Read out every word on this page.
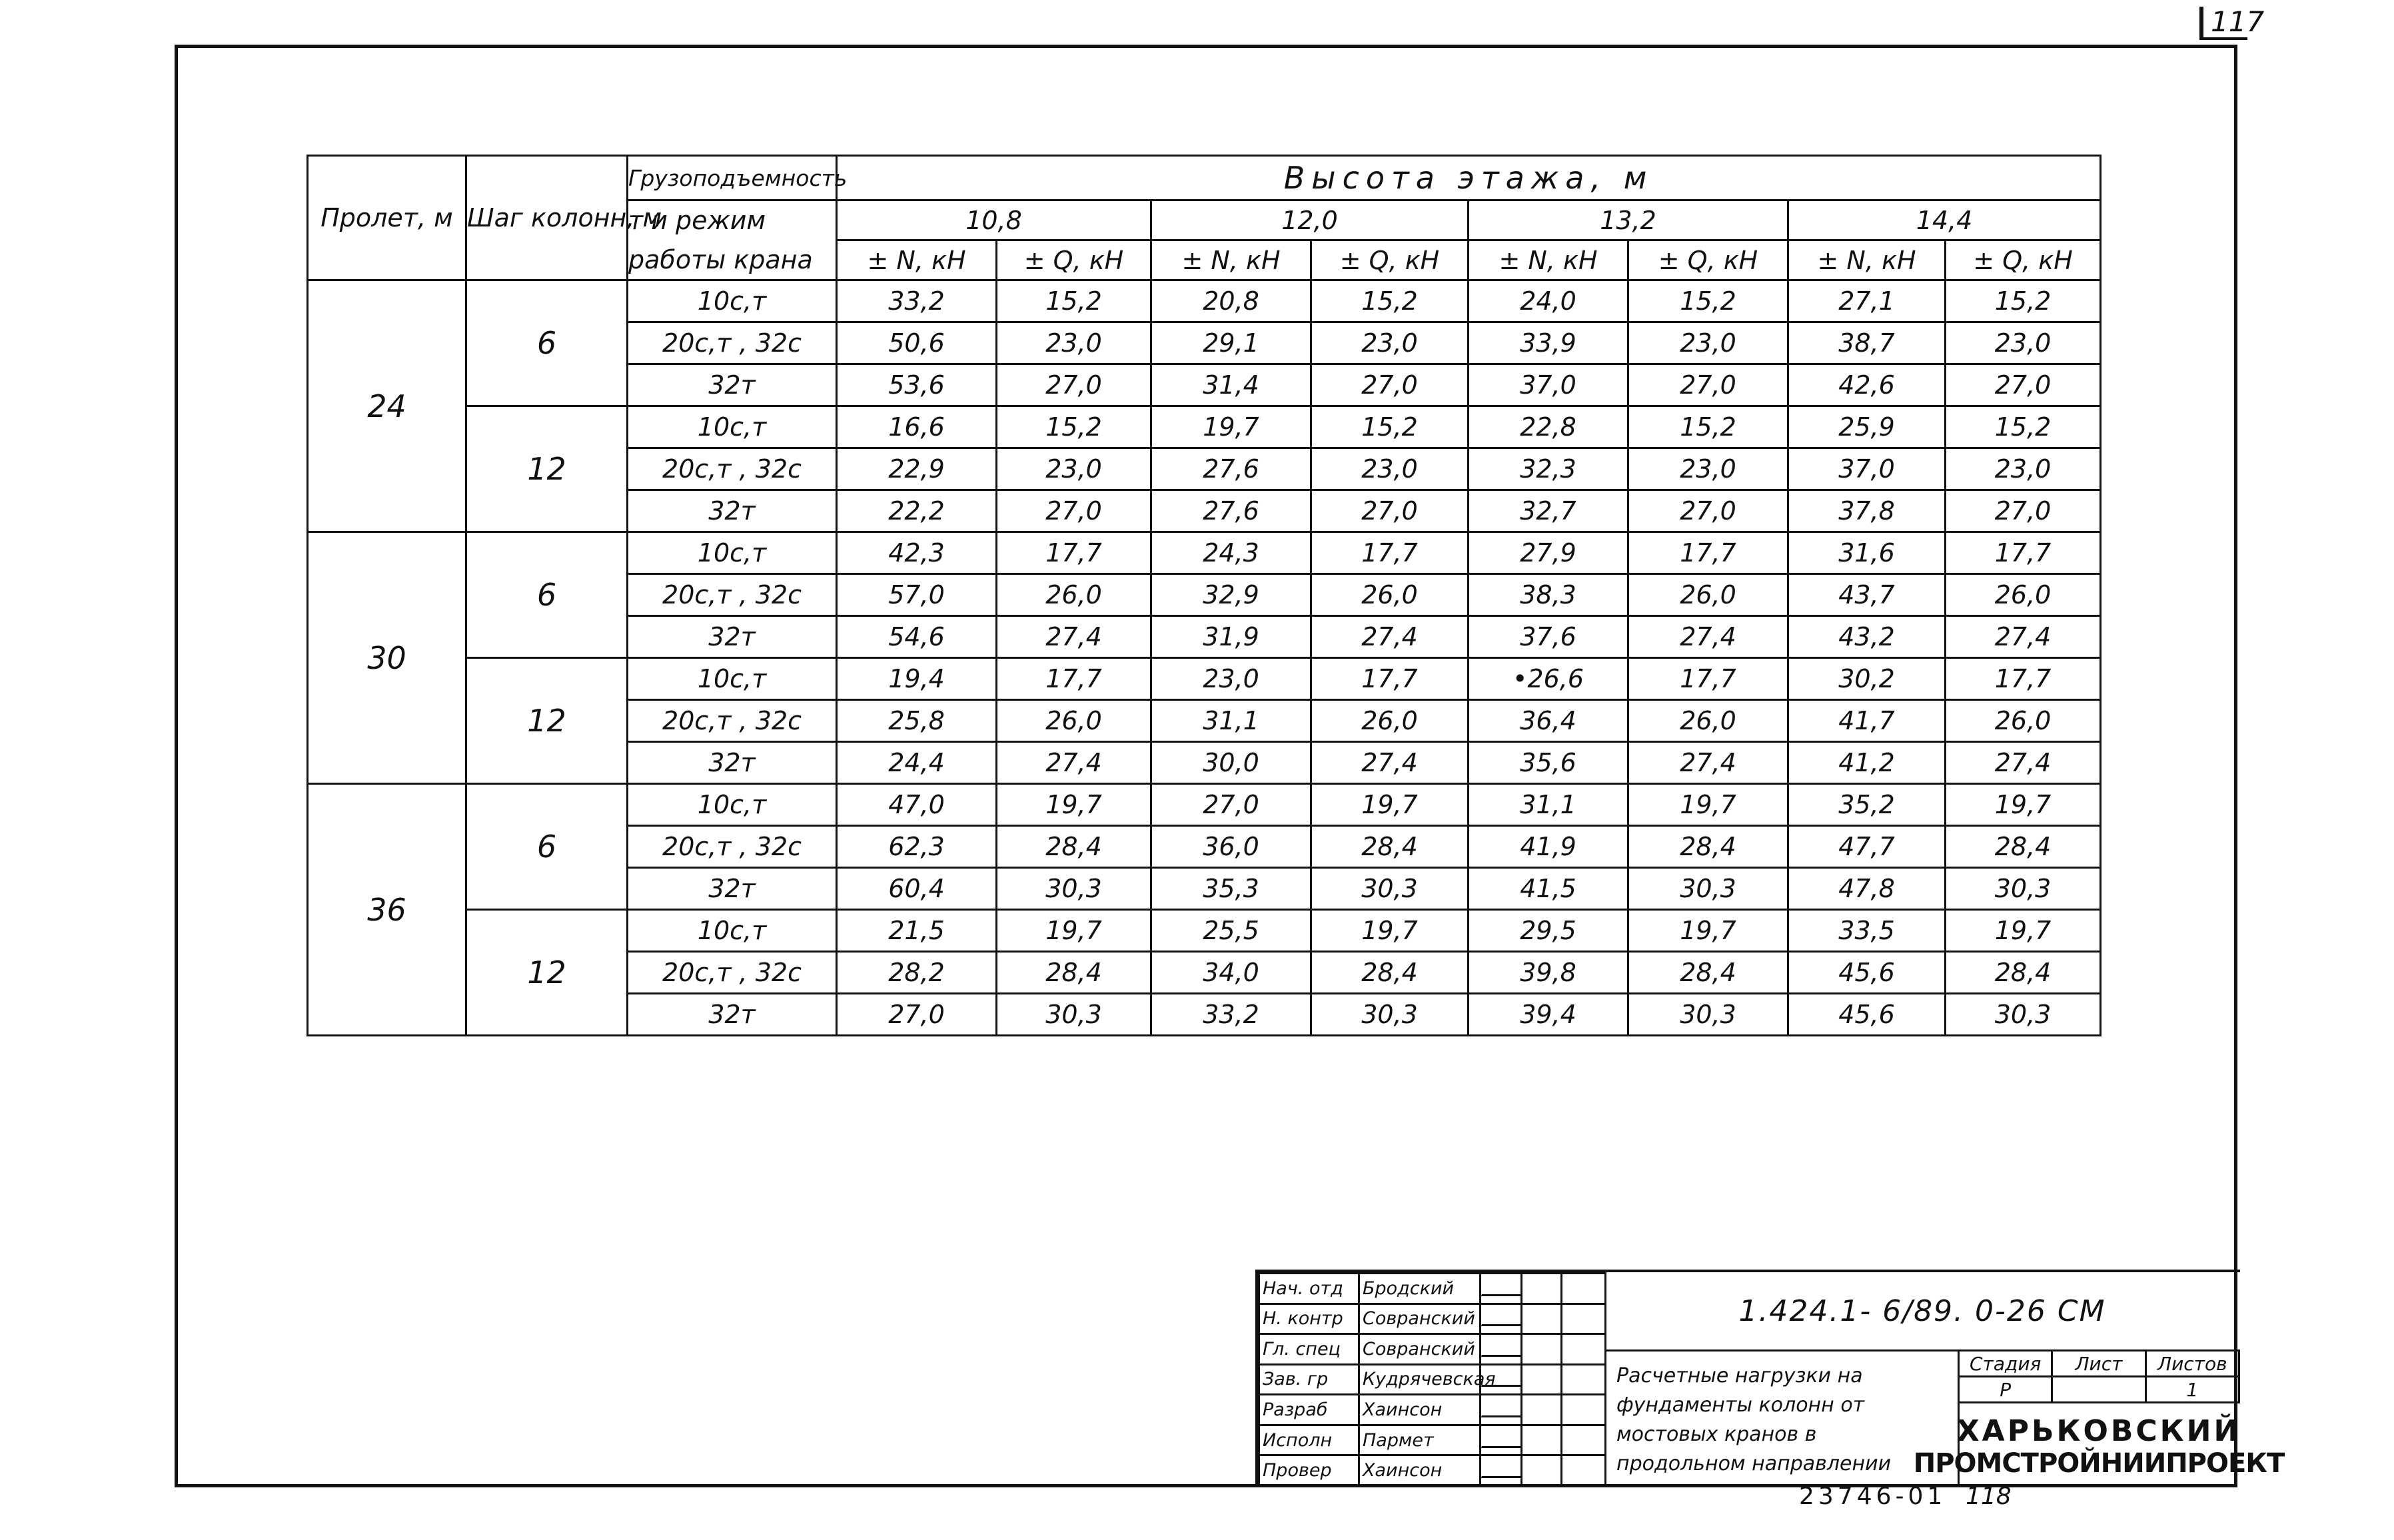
117
Пролет, м	Шаг колонн, м	Грузоподъемность	Высота этажа, м							
		т и режим	10,8		12,0		13,2		14,4	
		работы крана	± N, кН	± Q, кН	± N, кН	± Q, кН	± N, кН	± Q, кН	± N, кН	± Q, кН
24	6	10с,т	33,2	15,2	20,8	15,2	24,0	15,2	27,1	15,2
		20с,т , 32с	50,6	23,0	29,1	23,0	33,9	23,0	38,7	23,0
		32т	53,6	27,0	31,4	27,0	37,0	27,0	42,6	27,0
	12	10с,т	16,6	15,2	19,7	15,2	22,8	15,2	25,9	15,2
		20с,т , 32с	22,9	23,0	27,6	23,0	32,3	23,0	37,0	23,0
		32т	22,2	27,0	27,6	27,0	32,7	27,0	37,8	27,0
30	6	10с,т	42,3	17,7	24,3	17,7	27,9	17,7	31,6	17,7
		20с,т , 32с	57,0	26,0	32,9	26,0	38,3	26,0	43,7	26,0
		32т	54,6	27,4	31,9	27,4	37,6	27,4	43,2	27,4
	12	10с,т	19,4	17,7	23,0	17,7	•26,6	17,7	30,2	17,7
		20с,т , 32с	25,8	26,0	31,1	26,0	36,4	26,0	41,7	26,0
		32т	24,4	27,4	30,0	27,4	35,6	27,4	41,2	27,4
36	6	10с,т	47,0	19,7	27,0	19,7	31,1	19,7	35,2	19,7
		20с,т , 32с	62,3	28,4	36,0	28,4	41,9	28,4	47,7	28,4
		32т	60,4	30,3	35,3	30,3	41,5	30,3	47,8	30,3
	12	10с,т	21,5	19,7	25,5	19,7	29,5	19,7	33,5	19,7
		20с,т , 32с	28,2	28,4	34,0	28,4	39,8	28,4	45,6	28,4
		32т	27,0	30,3	33,2	30,3	39,4	30,3	45,6	30,3
Нач. отд	Бродский	

Н. контр	Совранский	

Гл. спец	Совранский	

Зав. гр	Кудрячевская	

Разраб	Хаинсон	

Исполн	Пармет	

Провер	Хаинсон	

1.424.1- 6/89. 0-26 СМ
Расчетные нагрузки на фундаменты колонн от мостовых кранов в продольном направлении
Стадия	Лист	Листов
Р		1
ХАРЬКОВСКИЙ
ПРОМСТРОЙНИИПРОЕКТ
23746-01 118
